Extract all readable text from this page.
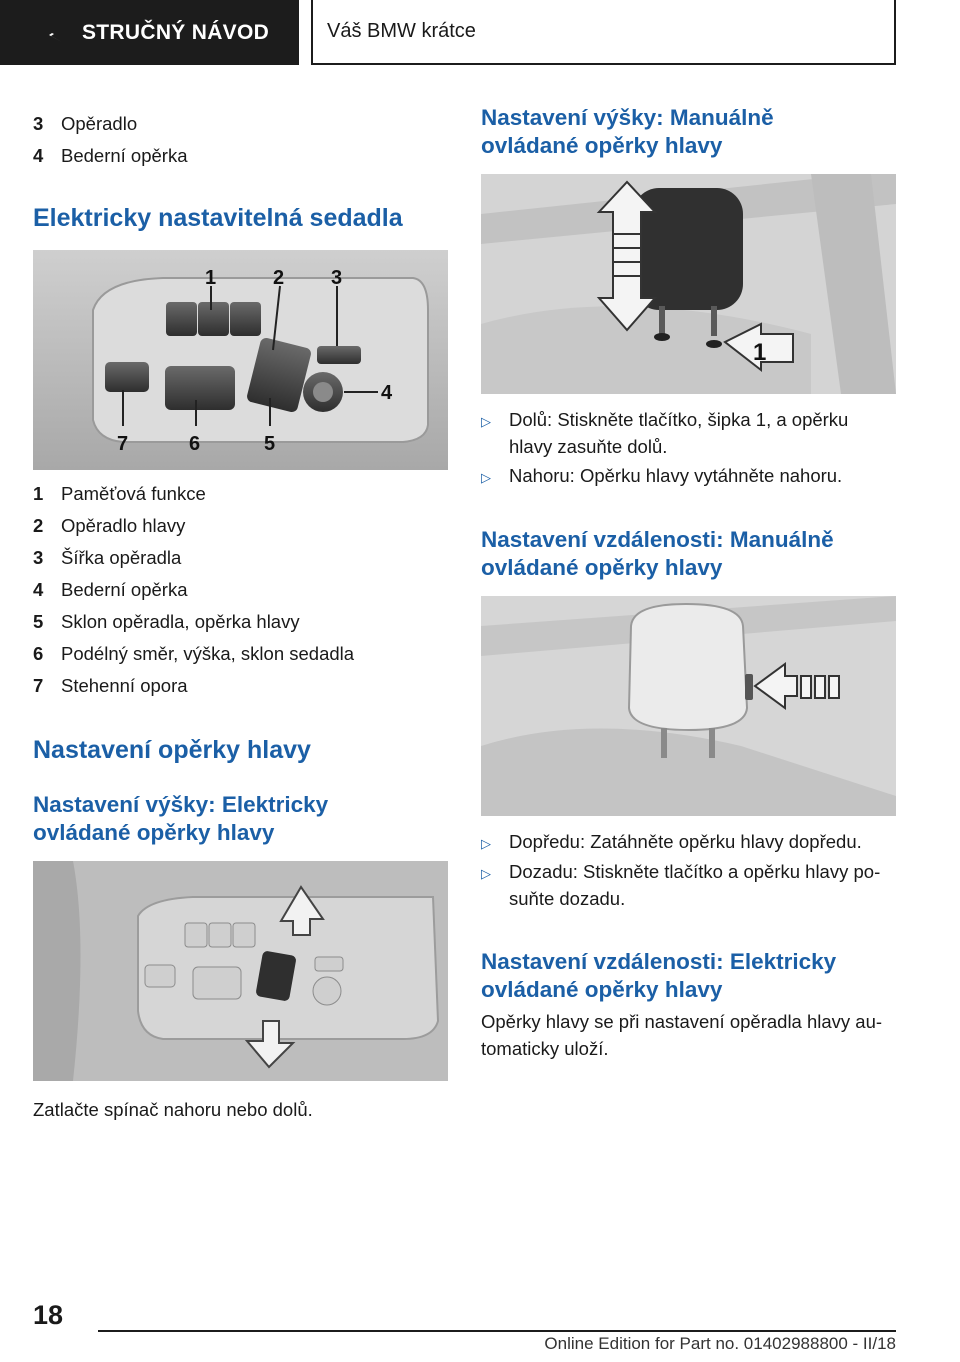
STRUČNÝ NÁVOD	Váš BMW krátce
3 Opěradlo
4 Bederní opěrka
Elektricky nastavitelná sedadla
1	2 3
4
5
6
7
1 Paměťová funkce
2 Opěradlo hlavy
3 Šířka opěradla
4 Bederní opěrka
5 Sklon opěradla, opěrka hlavy
6 Podélný směr, výška, sklon sedadla
7 Stehenní opora
Nastavení opěrky hlavy
Nastavení výšky: Elektricky ovládané opěrky hlavy
Zatlačte spínač nahoru nebo dolů.
Nastavení výšky: Manuálně ovládané opěrky hlavy
1
▷ Dolů: Stiskněte tlačítko, šipka 1, a opěrku hlavy zasuňte dolů.
▷ Nahoru: Opěrku hlavy vytáhněte nahoru.
Nastavení vzdálenosti: Manuálně ovládané opěrky hlavy
▷ Dopředu: Zatáhněte opěrku hlavy dopředu.
▷ Dozadu: Stiskněte tlačítko a opěrku hlavy po-suňte dozadu.
Nastavení vzdálenosti: Elektricky ovládané opěrky hlavy
Opěrky hlavy se při nastavení opěradla hlavy au-tomaticky uloží.
18
Online Edition for Part no. 01402988800 - II/18
